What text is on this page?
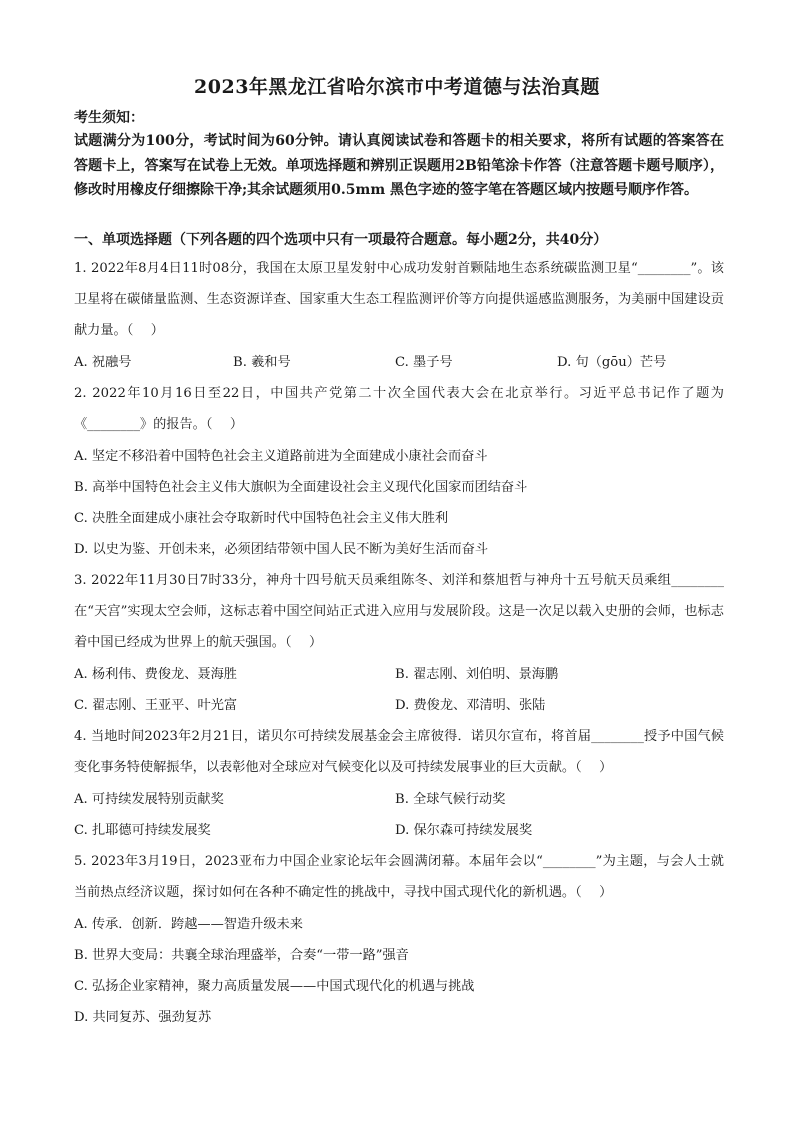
2023年黑龙江省哈尔滨市中考道德与法治真题
考生须知：
试题满分为100分，考试时间为60分钟。请认真阅读试卷和答题卡的相关要求，将所有试题的答案答在答题卡上，答案写在试卷上无效。单项选择题和辨别正误题用2B铅笔涂卡作答（注意答题卡题号顺序），修改时用橡皮仔细擦除干净;其余试题须用0.5mm 黑色字迹的签字笔在答题区域内按题号顺序作答。
一、单项选择题（下列各题的四个选项中只有一项最符合题意。每小题2分，共40分）
1. 2022年8月4日11时08分，我国在太原卫星发射中心成功发射首颗陆地生态系统碳监测卫星“________”。该卫星将在碳储量监测、生态资源详查、国家重大生态工程监测评价等方向提供遥感监测服务，为美丽中国建设贡献力量。（　 ）
A. 祝融号	B. 羲和号	C. 墨子号	D. 句（gōu）芒号
2. 2022年10月16日至22日，中国共产党第二十次全国代表大会在北京举行。习近平总书记作了题为《________》的报告。（　 ）
A. 坚定不移沿着中国特色社会主义道路前进为全面建成小康社会而奋斗
B. 高举中国特色社会主义伟大旗帜为全面建设社会主义现代化国家而团结奋斗
C. 决胜全面建成小康社会夺取新时代中国特色社会主义伟大胜利
D. 以史为鉴、开创未来，必须团结带领中国人民不断为美好生活而奋斗
3. 2022年11月30日7时33分，神舟十四号航天员乘组陈冬、刘洋和蔡旭哲与神舟十五号航天员乘组________在“天宫”实现太空会师，这标志着中国空间站正式进入应用与发展阶段。这是一次足以载入史册的会师，也标志着中国已经成为世界上的航天强国。（　 ）
A. 杨利伟、费俊龙、聂海胜	B. 翟志刚、刘伯明、景海鹏
C. 翟志刚、王亚平、叶光富	D. 费俊龙、邓清明、张陆
4. 当地时间2023年2月21日，诺贝尔可持续发展基金会主席彼得．诺贝尔宣布，将首届________授予中国气候变化事务特使解振华，以表彰他对全球应对气候变化以及可持续发展事业的巨大贡献。（　 ）
A. 可持续发展特别贡献奖	B. 全球气候行动奖
C. 扎耶德可持续发展奖	D. 保尔森可持续发展奖
5. 2023年3月19日，2023亚布力中国企业家论坛年会圆满闭幕。本届年会以“________”为主题，与会人士就当前热点经济议题，探讨如何在各种不确定性的挑战中，寻找中国式现代化的新机遇。（　 ）
A. 传承．创新．跨越——智造升级未来
B. 世界大变局：共襄全球治理盛举，合奏“一带一路”强音
C. 弘扬企业家精神，聚力高质量发展——中国式现代化的机遇与挑战
D. 共同复苏、强劲复苏
